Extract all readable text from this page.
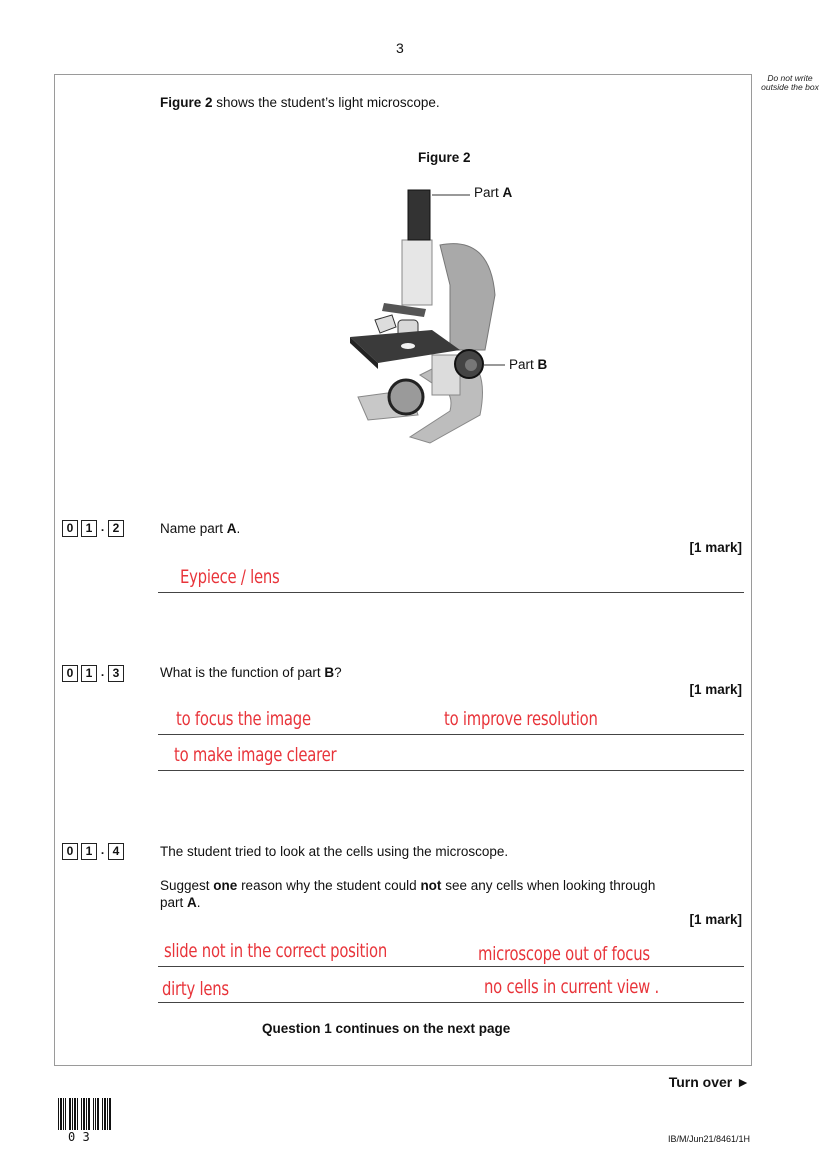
3
Do not write outside the box
Figure 2 shows the student’s light microscope.
Figure 2
Part A
Part B
0	1 . 2	Name part A.
[1 mark]
Eypiece / lens
0	1 . 3	What is the function of part B?
[1 mark]
to focus the image	to improve resolution
to make image clearer
0	1 . 4	The student tried to look at the cells using the microscope.
Suggest one reason why the student could not see any cells when looking through
part A.
[1 mark]
slide not in the correct position	microscope out of focus
dirty lens	no cells in current view .
Question 1 continues on the next page
Turn over ►
0 3	IB/M/Jun21/8461/1H
